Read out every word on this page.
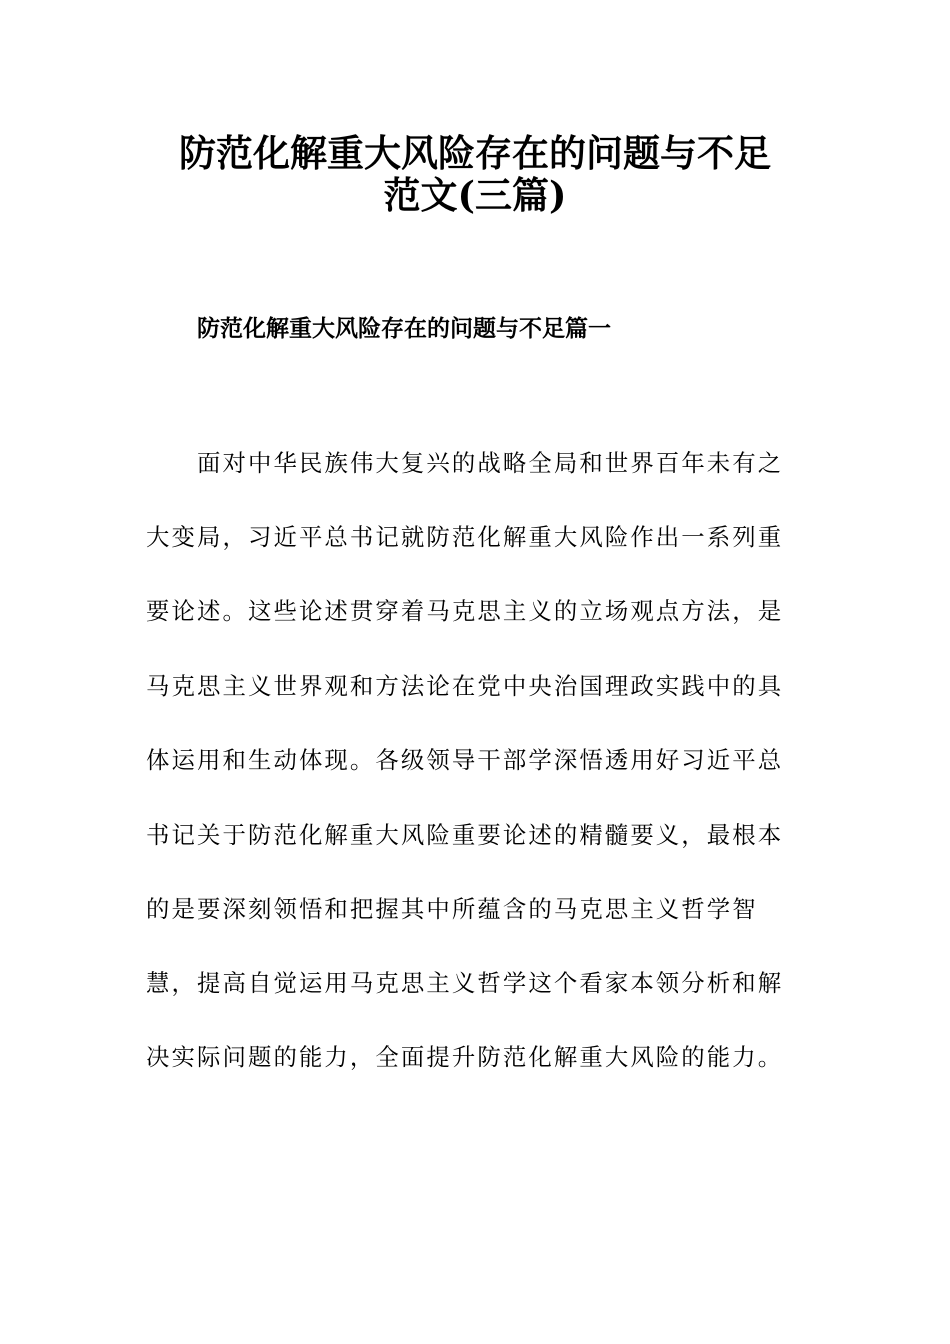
防范化解重大风险存在的问题与不足
范文(三篇)
防范化解重大风险存在的问题与不足篇一

面对中华民族伟大复兴的战略全局和世界百年未有之

大变局，习近平总书记就防范化解重大风险作出一系列重

要论述。这些论述贯穿着马克思主义的立场观点方法，是

马克思主义世界观和方法论在党中央治国理政实践中的具

体运用和生动体现。各级领导干部学深悟透用好习近平总

书记关于防范化解重大风险重要论述的精髓要义，最根本

的是要深刻领悟和把握其中所蕴含的马克思主义哲学智

慧，提高自觉运用马克思主义哲学这个看家本领分析和解

决实际问题的能力，全面提升防范化解重大风险的能力。
